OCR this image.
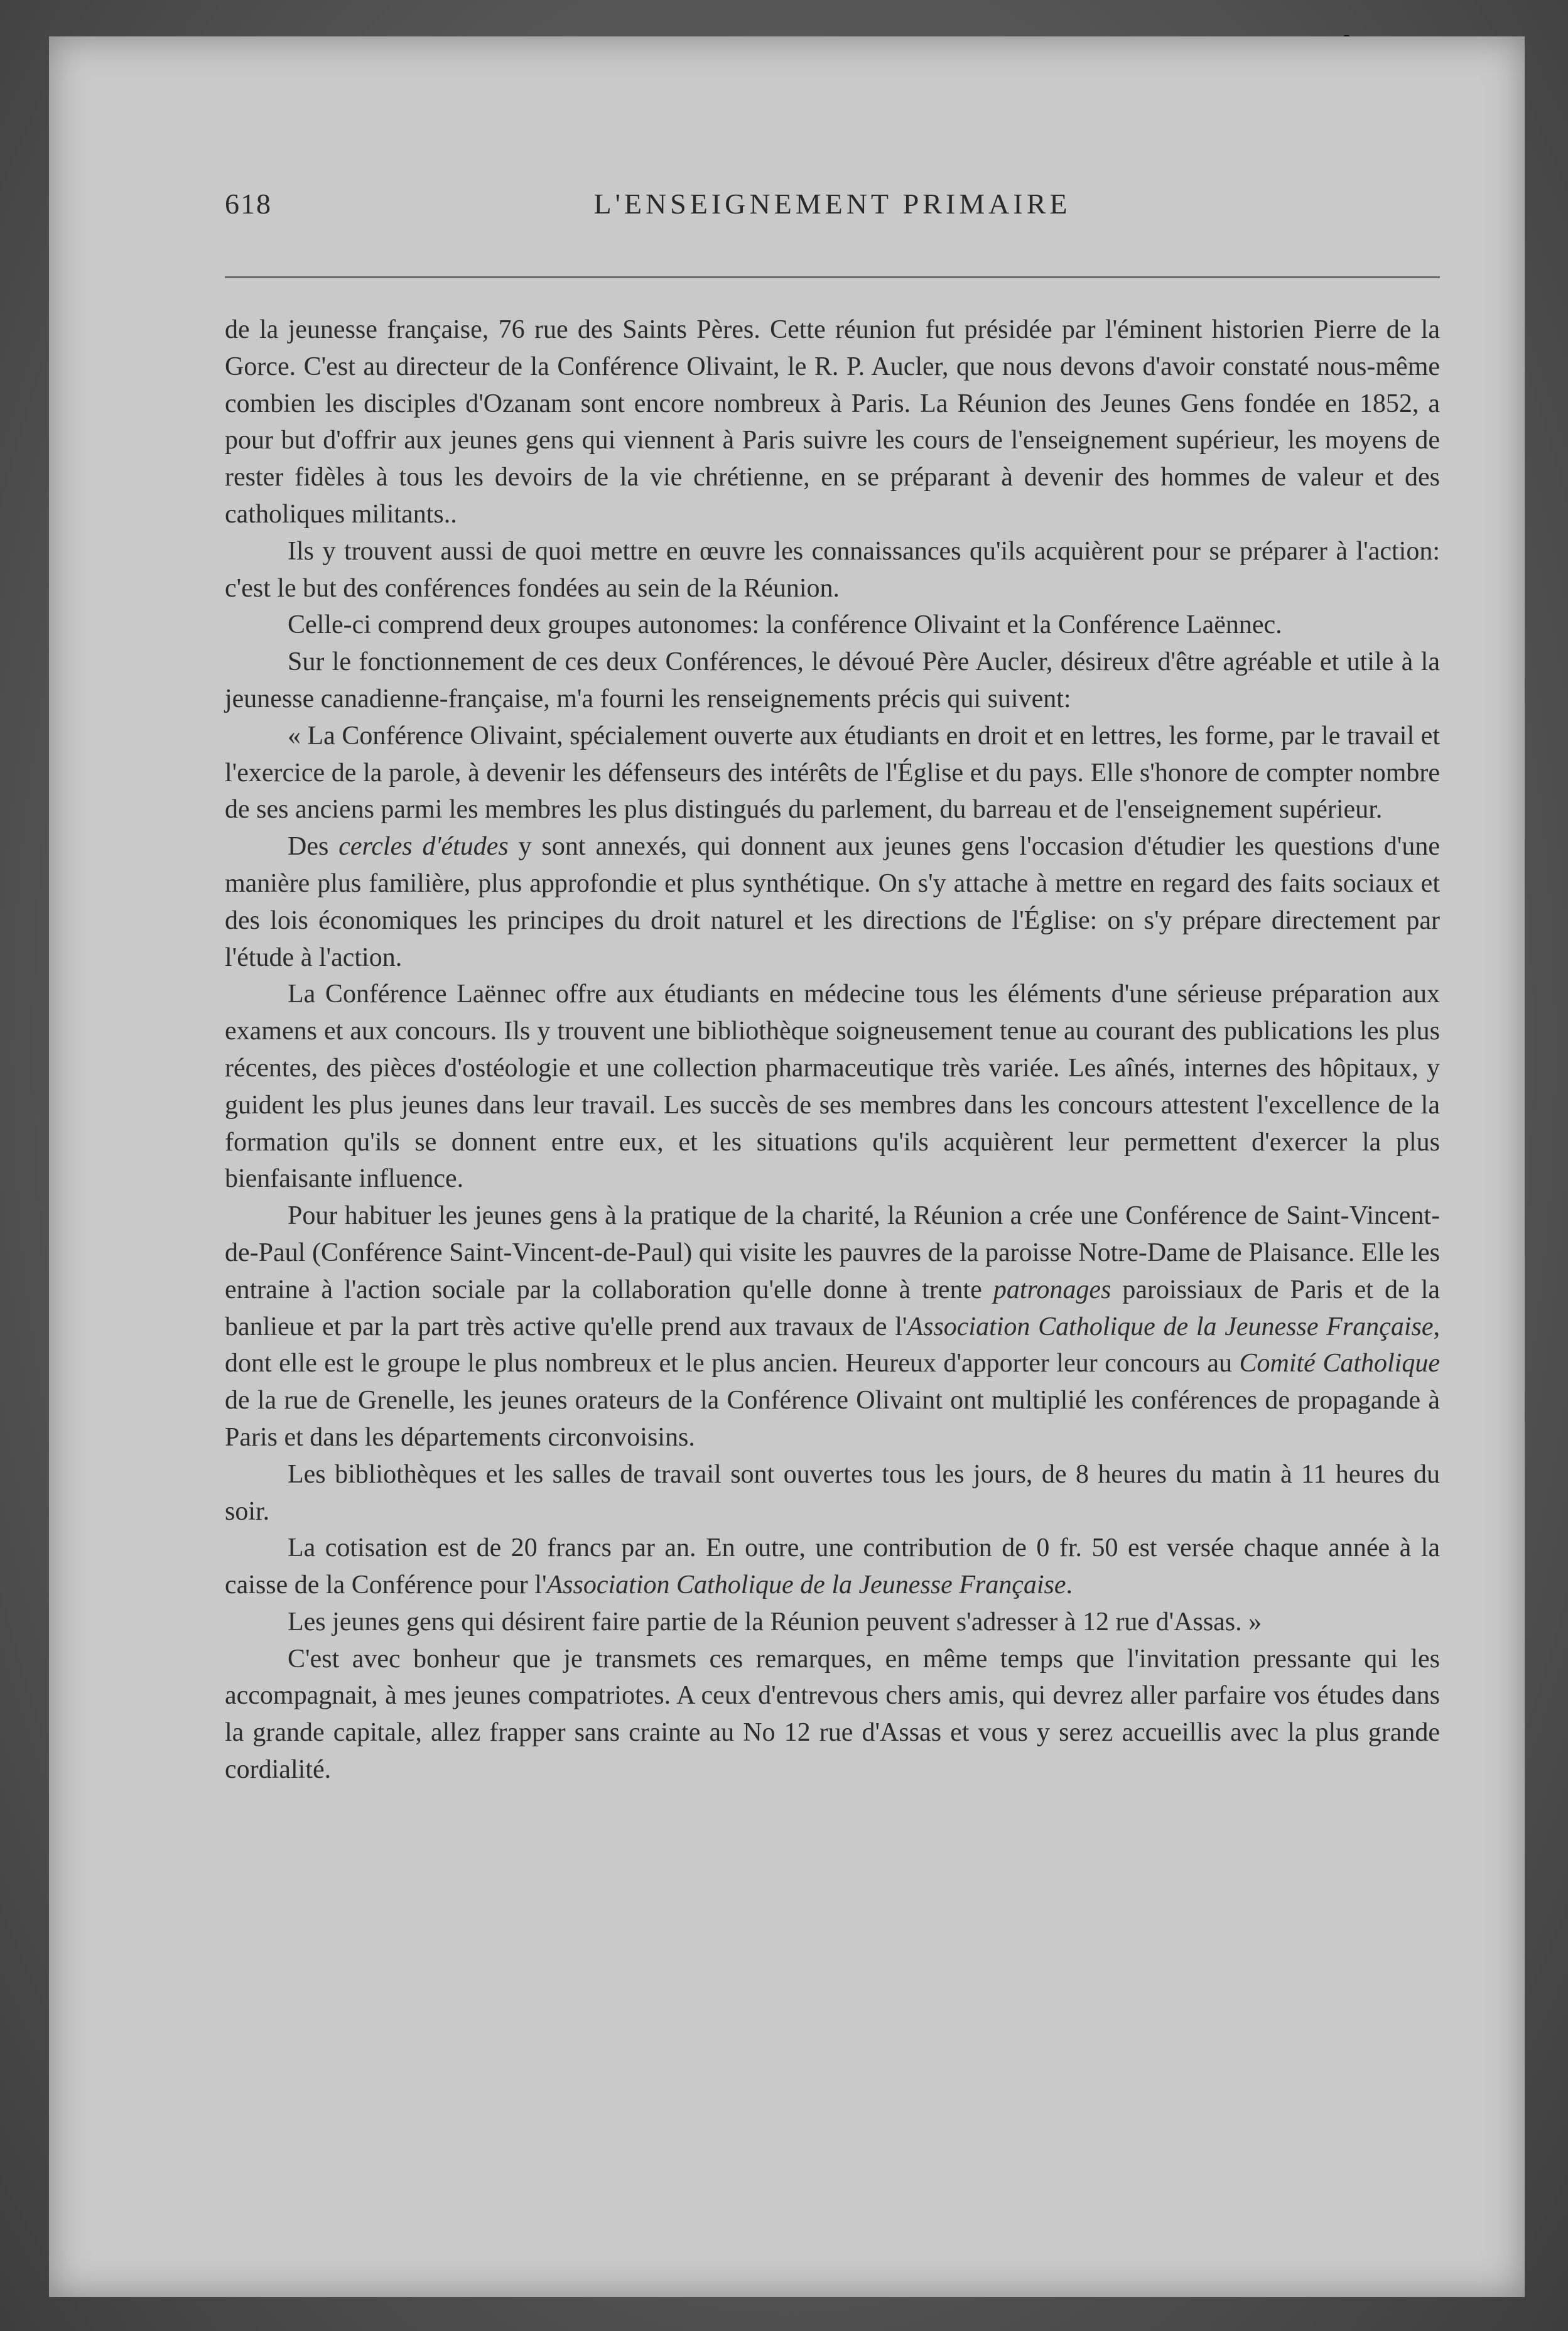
618	L'ENSEIGNEMENT PRIMAIRE

de la jeunesse française, 76 rue des Saints Pères. Cette réunion fut présidée par l'éminent historien Pierre de la Gorce. C'est au directeur de la Conférence Olivaint, le R. P. Aucler, que nous devons d'avoir constaté nous-même combien les disciples d'Ozanam sont encore nombreux à Paris. La Réunion des Jeunes Gens fondée en 1852, a pour but d'offrir aux jeunes gens qui viennent à Paris suivre les cours de l'enseignement supérieur, les moyens de rester fidèles à tous les devoirs de la vie chrétienne, en se préparant à devenir des hommes de valeur et des catholiques militants..

Ils y trouvent aussi de quoi mettre en œuvre les connaissances qu'ils acquièrent pour se préparer à l'action: c'est le but des conférences fondées au sein de la Réunion.

Celle-ci comprend deux groupes autonomes: la conférence Olivaint et la Conférence Laënnec.

Sur le fonctionnement de ces deux Conférences, le dévoué Père Aucler, désireux d'être agréable et utile à la jeunesse canadienne-française, m'a fourni les renseignements précis qui suivent:

« La Conférence Olivaint, spécialement ouverte aux étudiants en droit et en lettres, les forme, par le travail et l'exercice de la parole, à devenir les défenseurs des intérêts de l'Église et du pays. Elle s'honore de compter nombre de ses anciens parmi les membres les plus distingués du parlement, du barreau et de l'enseignement supérieur.

Des cercles d'études y sont annexés, qui donnent aux jeunes gens l'occasion d'étudier les questions d'une manière plus familière, plus approfondie et plus synthétique. On s'y attache à mettre en regard des faits sociaux et des lois économiques les principes du droit naturel et les directions de l'Église: on s'y prépare directement par l'étude à l'action.

La Conférence Laënnec offre aux étudiants en médecine tous les éléments d'une sérieuse préparation aux examens et aux concours. Ils y trouvent une bibliothèque soigneusement tenue au courant des publications les plus récentes, des pièces d'ostéologie et une collection pharmaceutique très variée. Les aînés, internes des hôpitaux, y guident les plus jeunes dans leur travail. Les succès de ses membres dans les concours attestent l'excellence de la formation qu'ils se donnent entre eux, et les situations qu'ils acquièrent leur permettent d'exercer la plus bienfaisante influence.

Pour habituer les jeunes gens à la pratique de la charité, la Réunion a crée une Conférence de Saint-Vincent-de-Paul (Conférence Saint-Vincent-de-Paul) qui visite les pauvres de la paroisse Notre-Dame de Plaisance. Elle les entraine à l'action sociale par la collaboration qu'elle donne à trente patronages paroissiaux de Paris et de la banlieue et par la part très active qu'elle prend aux travaux de l'Association Catholique de la Jeunesse Française, dont elle est le groupe le plus nombreux et le plus ancien. Heureux d'apporter leur concours au Comité Catholique de la rue de Grenelle, les jeunes orateurs de la Conférence Olivaint ont multiplié les conférences de propagande à Paris et dans les départements circonvoisins.

Les bibliothèques et les salles de travail sont ouvertes tous les jours, de 8 heures du matin à 11 heures du soir.

La cotisation est de 20 francs par an. En outre, une contribution de 0 fr. 50 est versée chaque année à la caisse de la Conférence pour l'Association Catholique de la Jeunesse Française.

Les jeunes gens qui désirent faire partie de la Réunion peuvent s'adresser à 12 rue d'Assas. »

C'est avec bonheur que je transmets ces remarques, en même temps que l'invitation pressante qui les accompagnait, à mes jeunes compatriotes. A ceux d'entrevous chers amis, qui devrez aller parfaire vos études dans la grande capitale, allez frapper sans crainte au No 12 rue d'Assas et vous y serez accueillis avec la plus grande cordialité.
